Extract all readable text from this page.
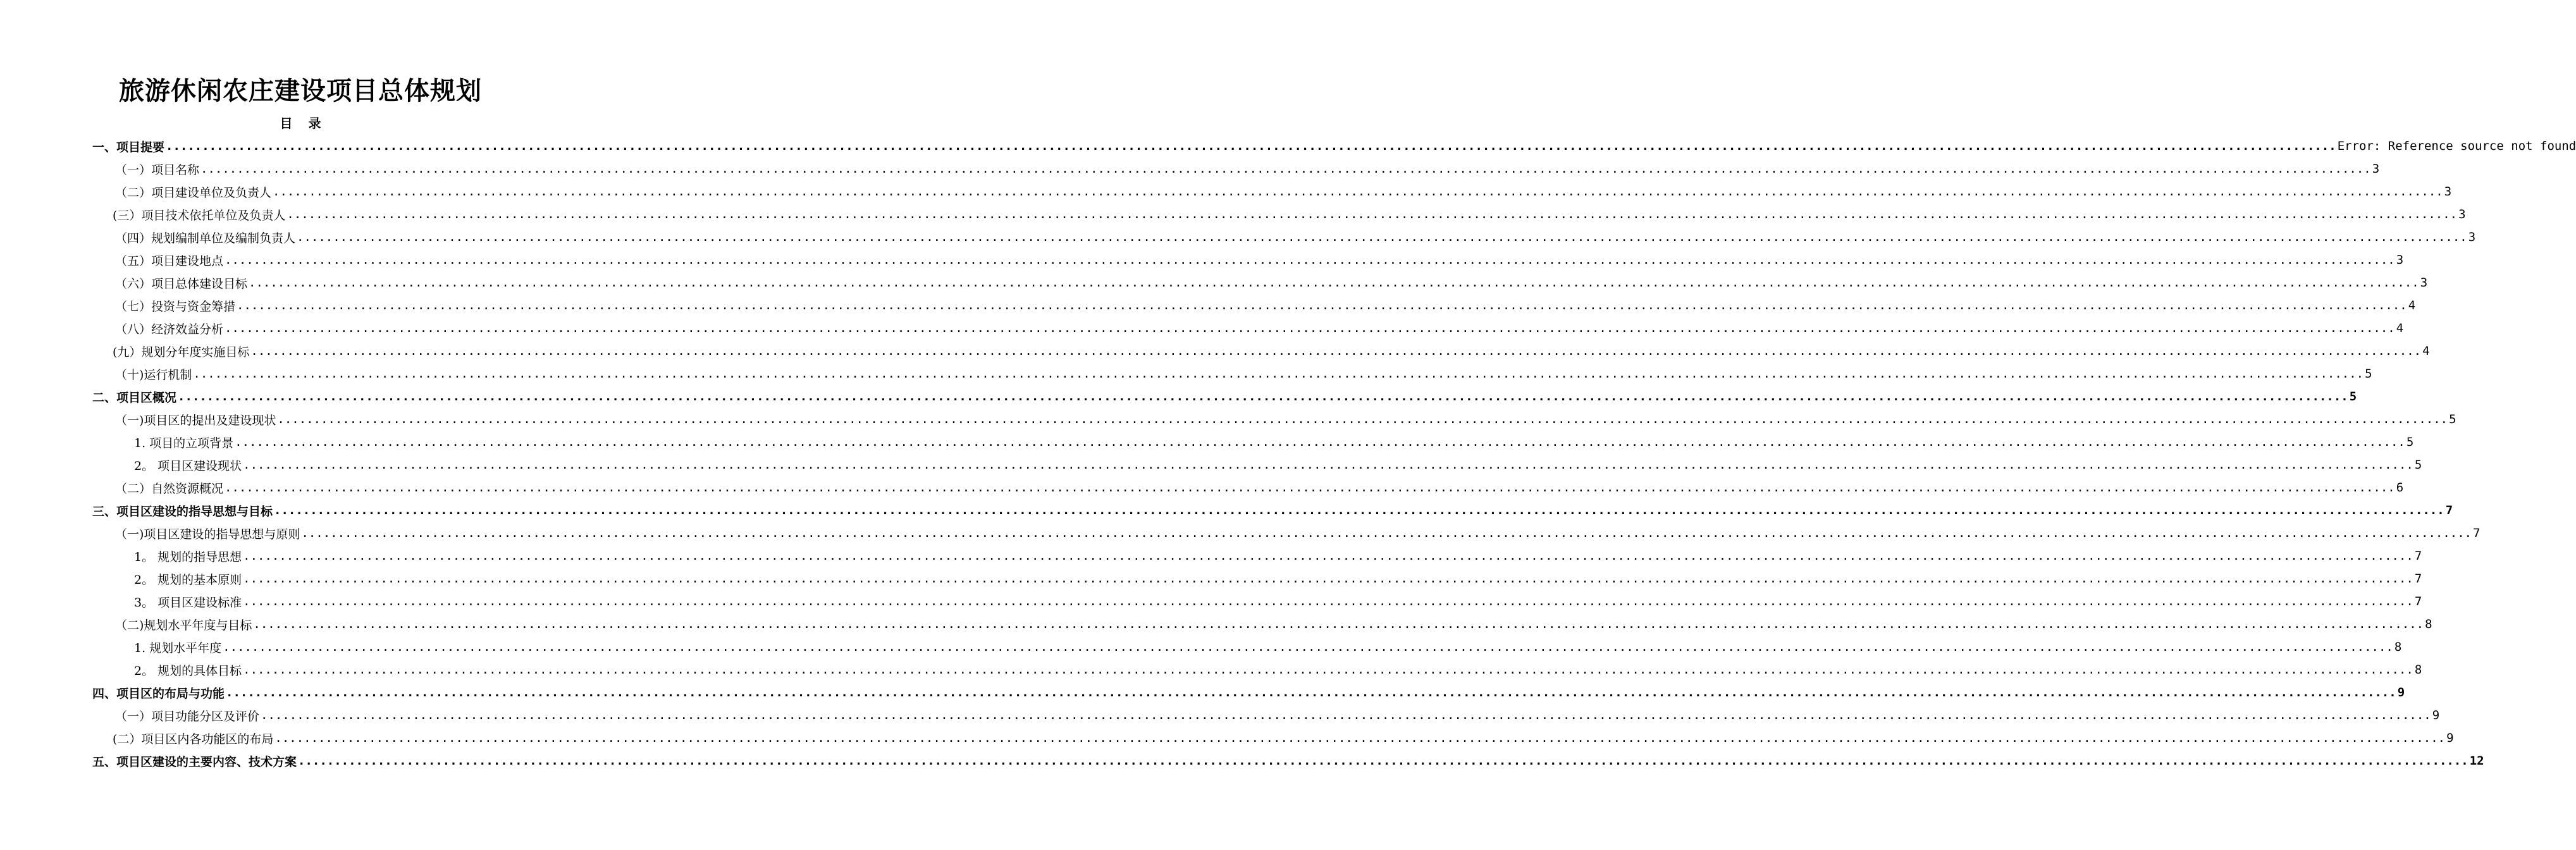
旅游休闲农庄建设项目总体规划
目 录
一、项目提要 ............................................................................................................................................................................................................................................................................................................ Error: Reference source not found
（一）项目名称 ............................................................................................................................................................................................................................................................................................................ 3
（二）项目建设单位及负责人 ............................................................................................................................................................................................................................................................................................................ 3
(三）项目技术依托单位及负责人 ............................................................................................................................................................................................................................................................................................................ 3
（四）规划编制单位及编制负责人 ............................................................................................................................................................................................................................................................................................................ 3
（五）项目建设地点 ............................................................................................................................................................................................................................................................................................................ 3
（六）项目总体建设目标 ............................................................................................................................................................................................................................................................................................................ 3
（七）投资与资金筹措 ............................................................................................................................................................................................................................................................................................................ 4
（八）经济效益分析 ............................................................................................................................................................................................................................................................................................................ 4
(九）规划分年度实施目标 ............................................................................................................................................................................................................................................................................................................ 4
（十)运行机制 ............................................................................................................................................................................................................................................................................................................ 5
二、项目区概况 ............................................................................................................................................................................................................................................................................................................ 5
（一)项目区的提出及建设现状 ............................................................................................................................................................................................................................................................................................................ 5
1. 项目的立项背景 ............................................................................................................................................................................................................................................................................................................ 5
2。 项目区建设现状 ............................................................................................................................................................................................................................................................................................................ 5
（二）自然资源概况 ............................................................................................................................................................................................................................................................................................................ 6
三、项目区建设的指导思想与目标 ............................................................................................................................................................................................................................................................................................................ 7
（一)项目区建设的指导思想与原则 ............................................................................................................................................................................................................................................................................................................ 7
1。 规划的指导思想 ............................................................................................................................................................................................................................................................................................................ 7
2。 规划的基本原则 ............................................................................................................................................................................................................................................................................................................ 7
3。 项目区建设标准 ............................................................................................................................................................................................................................................................................................................ 7
（二)规划水平年度与目标 ............................................................................................................................................................................................................................................................................................................ 8
1. 规划水平年度 ............................................................................................................................................................................................................................................................................................................ 8
2。 规划的具体目标 ............................................................................................................................................................................................................................................................................................................ 8
四、项目区的布局与功能 ............................................................................................................................................................................................................................................................................................................ 9
（一）项目功能分区及评价 ............................................................................................................................................................................................................................................................................................................ 9
(二）项目区内各功能区的布局 ............................................................................................................................................................................................................................................................................................................ 9
五、项目区建设的主要内容、技术方案 ............................................................................................................................................................................................................................................................................................................ 12
